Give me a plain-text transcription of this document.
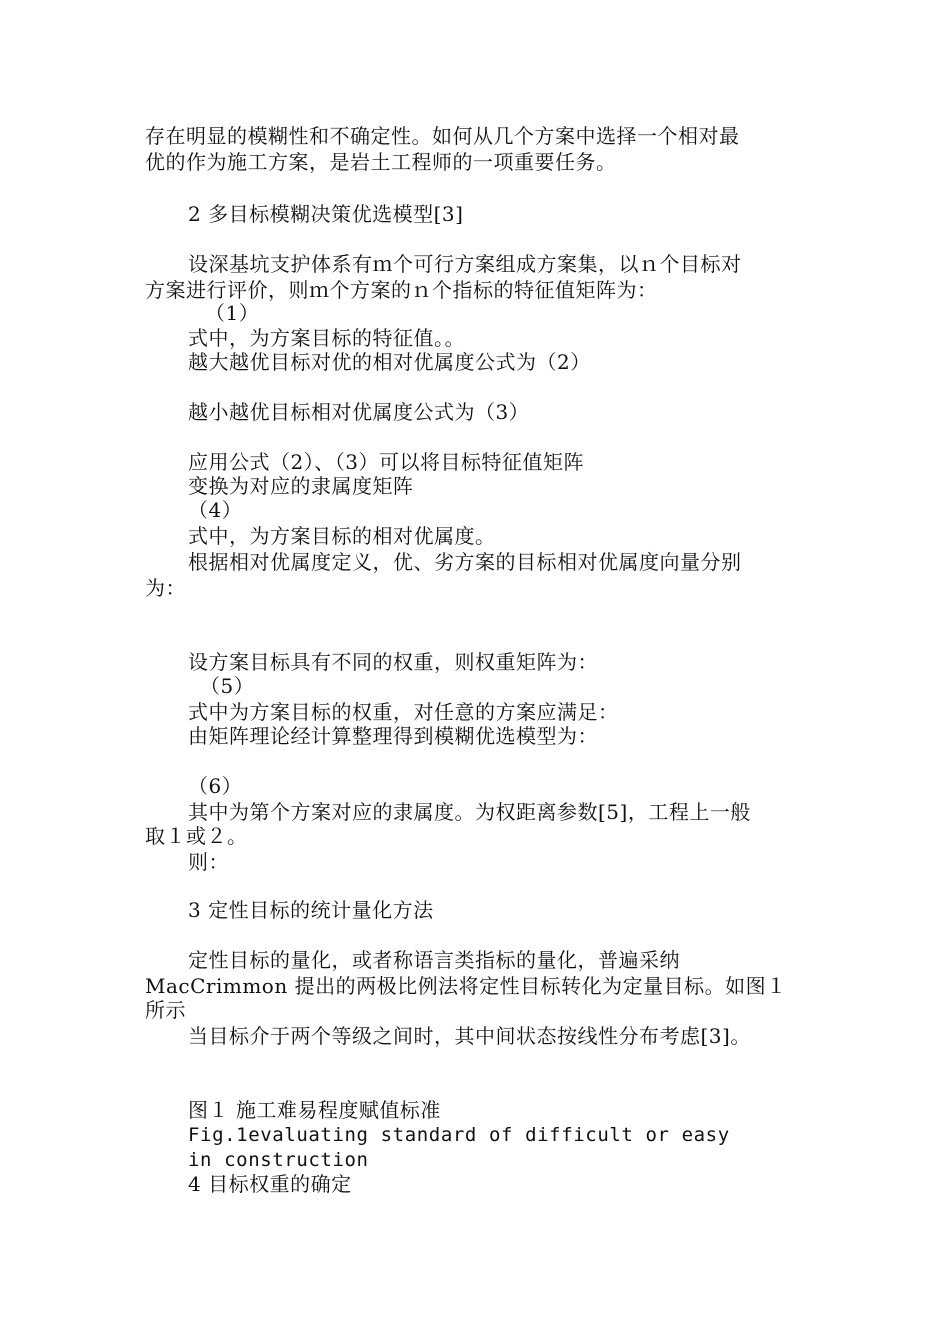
存在明显的模糊性和不确定性。如何从几个方案中选择一个相对最
优的作为施工方案，是岩土工程师的一项重要任务。
2 多目标模糊决策优选模型[3]
设深基坑支护体系有ｍ个可行方案组成方案集，以ｎ个目标对
方案进行评价，则ｍ个方案的ｎ个指标的特征值矩阵为：
（1）
式中，为方案目标的特征值。。
越大越优目标对优的相对优属度公式为（2）
越小越优目标相对优属度公式为（3）
应用公式（2）、（3）可以将目标特征值矩阵
变换为对应的隶属度矩阵
（4）
式中，为方案目标的相对优属度。
根据相对优属度定义，优、劣方案的目标相对优属度向量分别
为：
设方案目标具有不同的权重，则权重矩阵为：
（5）
式中为方案目标的权重，对任意的方案应满足：
由矩阵理论经计算整理得到模糊优选模型为：
（6）
其中为第个方案对应的隶属度。为权距离参数[5]，工程上一般
取１或２。
则：
3 定性目标的统计量化方法
定性目标的量化，或者称语言类指标的量化，普遍采纳
MacCrimmon 提出的两极比例法将定性目标转化为定量目标。如图１
所示
当目标介于两个等级之间时，其中间状态按线性分布考虑[3]。
图１ 施工难易程度赋值标准
Fig.1evaluating standard of difficult or easy
in construction
4 目标权重的确定
